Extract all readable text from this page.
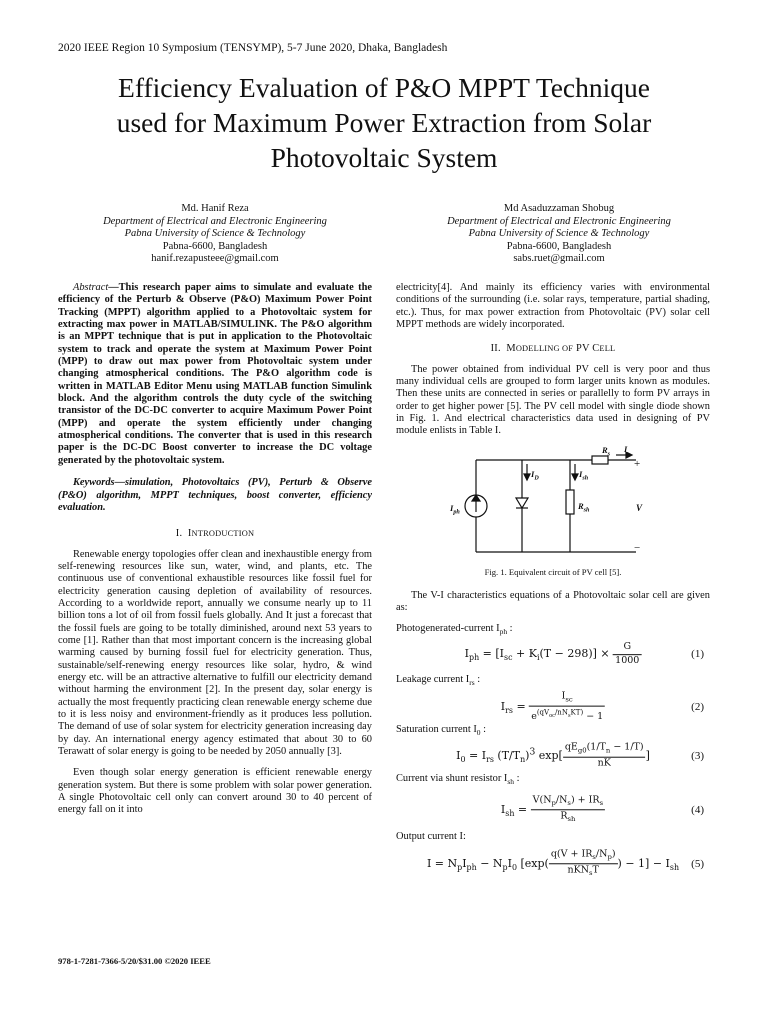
2020 IEEE Region 10 Symposium (TENSYMP), 5-7 June 2020, Dhaka, Bangladesh
Efficiency Evaluation of P&O MPPT Technique
used for Maximum Power Extraction from Solar
Photovoltaic System
Md. Hanif Reza
Department of Electrical and Electronic Engineering
Pabna University of Science & Technology
Pabna-6600, Bangladesh
hanif.rezapusteee@gmail.com
Md Asaduzzaman Shobug
Department of Electrical and Electronic Engineering
Pabna University of Science & Technology
Pabna-6600, Bangladesh
sabs.ruet@gmail.com

Abstract—This research paper aims to simulate and evaluate the efficiency of the Perturb & Observe (P&O) Maximum Power Point Tracking (MPPT) algorithm applied to a Photovoltaic system for extracting max power in MATLAB/SIMULINK. The P&O algorithm is an MPPT technique that is put in application to the Photovoltaic system to track and operate the system at Maximum Power Point (MPP) to draw out max power from Photovoltaic system under changing atmospherical conditions. The P&O algorithm code is written in MATLAB Editor Menu using MATLAB function Simulink block. And the algorithm controls the duty cycle of the switching transistor of the DC-DC converter to acquire Maximum Power Point (MPP) and operate the system efficiently under changing atmospherical conditions. The converter that is used in this research paper is the DC-DC Boost converter to increase the DC voltage generated by the photovoltaic system.

Keywords—simulation, Photovoltaics (PV), Perturb & Observe (P&O) algorithm, MPPT techniques, boost converter, efficiency evaluation.

I. INTRODUCTION

Renewable energy topologies offer clean and inexhaustible energy from self-renewing resources like sun, water, wind, and plants, etc. The continuous use of conventional exhaustible resources like fossil fuel for electricity generation causing depletion of availability of resources. According to a worldwide report, annually we consume nearly up to 11 billion tons a lot of oil from fossil fuels globally. And It just a forecast that the fossil fuels are going to be totally diminished, around next 53 years to come [1]. Rather than that most important concern is the increasing global warming caused by burning fossil fuel for electricity generation. Thus, sustainable/self-renewing energy resources like solar, hydro, & wind energy etc. will be an attractive alternative to fulfill our electricity demand without harming the environment [2]. In the present day, solar energy is actually the most frequently practicing clean renewable energy scheme due to it is less noisy and environment-friendly as it produces less pollution. The demand of use of solar system for electricity generation increasing day by day. An international energy agency estimated that about 30 to 60 Terawatt of solar energy is going to be needed by 2050 annually [3].

Even though solar energy generation is efficient renewable energy generation system. But there is some problem with solar power generation. A single Photovoltaic cell only can convert around 30 to 40 percent of energy fall on it into

electricity[4]. And mainly its efficiency varies with environmental conditions of the surrounding (i.e. solar rays, temperature, partial shading, etc.). Thus, for max power extraction from Photovoltaic (PV) solar cell MPPT methods are widely incorporated.

II. MODELLING OF PV CELL

The power obtained from individual PV cell is very poor and thus many individual cells are grouped to form larger units known as modules. Then these units are connected in series or parallelly to form PV arrays in order to get higher power [5]. The PV cell model with single diode shown in Fig. 1. And electrical characteristics data used in designing of PV module enlists in Table I.

$I_{ph}$
$I_D$	$I_{sh}$
$R_{sh}$
$R_s$
I
+
V
−
Fig. 1. Equivalent circuit of PV cell [5].

The V-I characteristics equations of a Photovoltaic solar cell are given as:

Photogenerated-current $I_{ph}$ :

$I_{ph} = [I_{sc} + K_i(T - 298)] \times \frac{G}{1000}$	(1)

Leakage current $I_{rs}$ :

$I_{rs} = \frac{I_{sc}}{e^{(qV_{oc}/nN_sKT)} - 1}$	(2)

Saturation current $I_0$ :

$I_0 = I_{rs}$ $(T/T_n)^3$ $\exp[ \frac{qE_{g0}(1/T_n - 1/T)}{nK}$ ]	(3)

Current via shunt resistor $I_{sh}$ :

$I_{sh} = \frac{V(N_p/N_s) + IR_s}{R_{sh}}$	(4)

Output current I:

$I = N_pI_{ph} - N_pI_0$ [$\exp( \frac{q(V + IR_s/N_p)}{nKN_sT}$ ) − $1] - I_{sh}$ (5)
978-1-7281-7366-5/20/$31.00 ©2020 IEEE
